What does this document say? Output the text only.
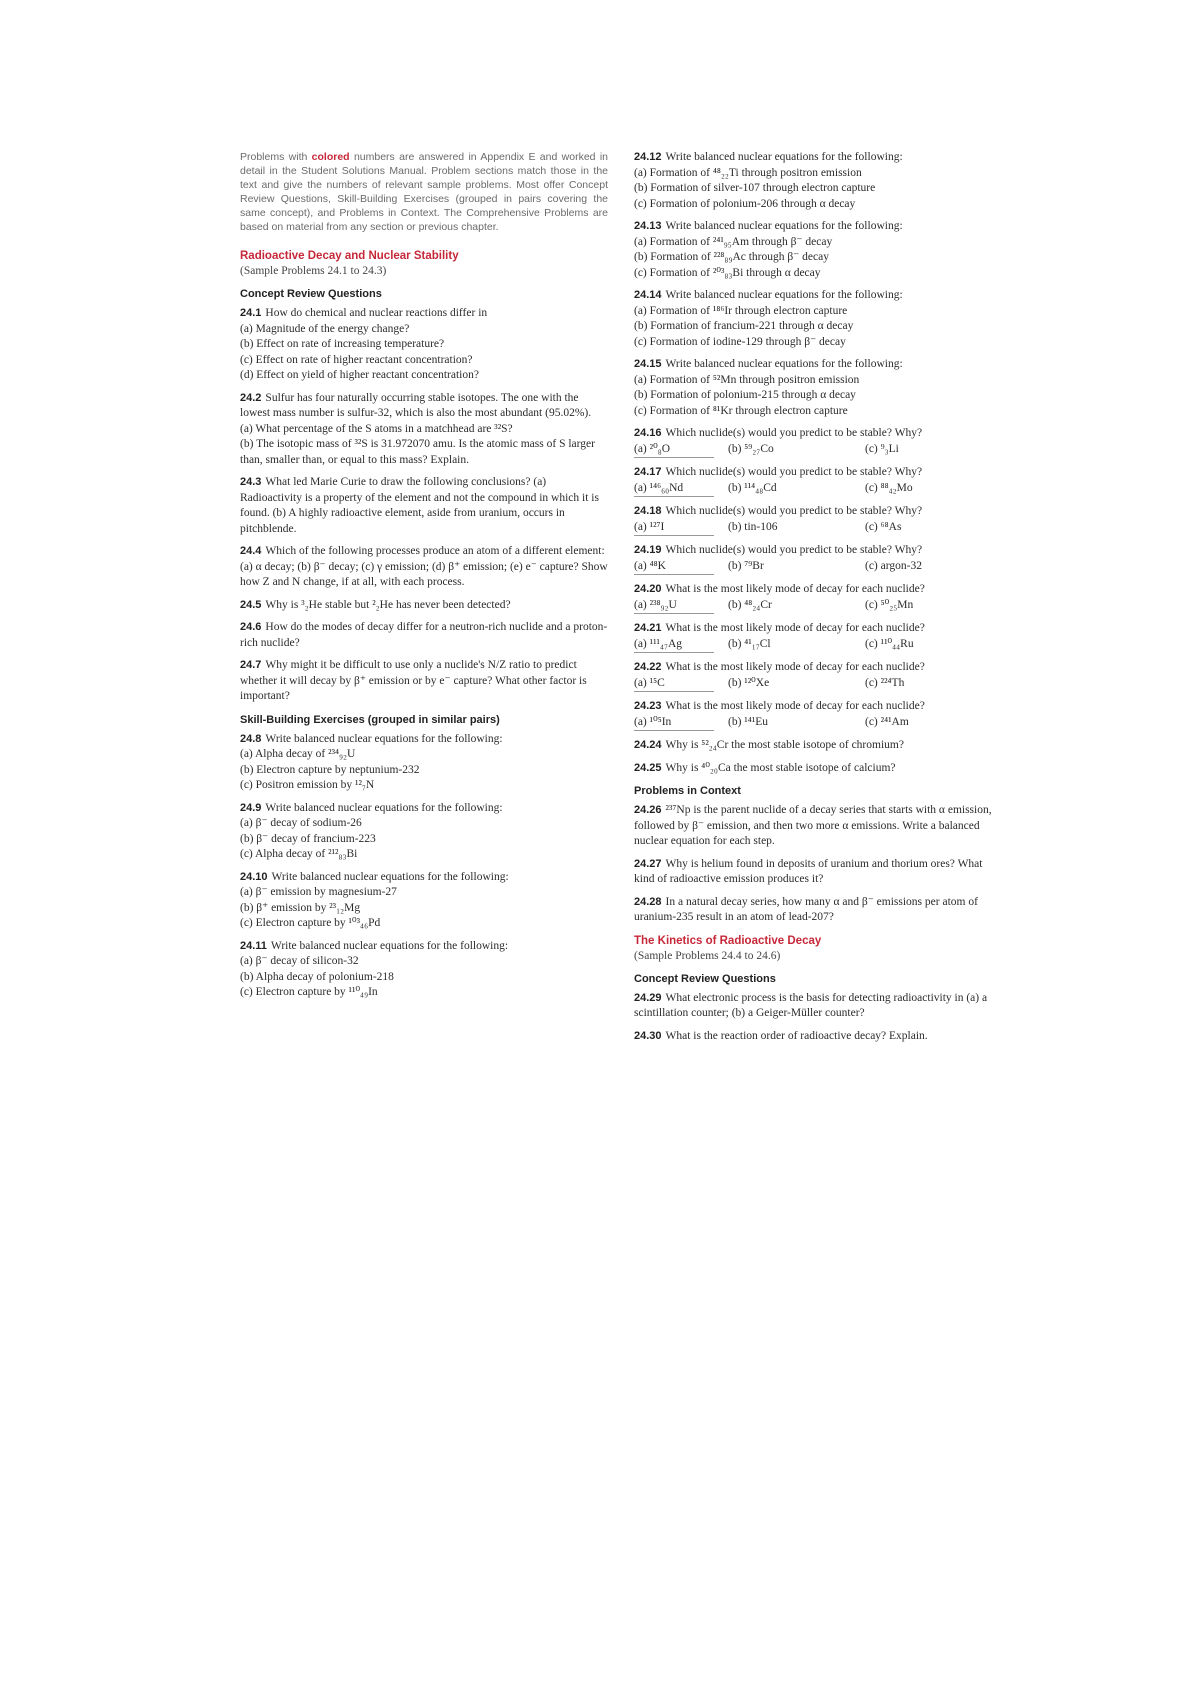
Problems with colored numbers are answered in Appendix E and worked in detail in the Student Solutions Manual. Problem sections match those in the text and give the numbers of relevant sample problems. Most offer Concept Review Questions, Skill-Building Exercises (grouped in pairs covering the same concept), and Problems in Context. The Comprehensive Problems are based on material from any section or previous chapter.

Radioactive Decay and Nuclear Stability

(Sample Problems 24.1 to 24.3)

Concept Review Questions

24.1 How do chemical and nuclear reactions differ in
(a) Magnitude of the energy change?
(b) Effect on rate of increasing temperature?
(c) Effect on rate of higher reactant concentration?
(d) Effect on yield of higher reactant concentration?
24.2 Sulfur has four naturally occurring stable isotopes. The one with the lowest mass number is sulfur-32, which is also the most abundant (95.02%).
(a) What percentage of the S atoms in a matchhead are ³²S?
(b) The isotopic mass of ³²S is 31.972070 amu. Is the atomic mass of S larger than, smaller than, or equal to this mass? Explain.
24.3 What led Marie Curie to draw the following conclusions? (a) Radioactivity is a property of the element and not the compound in which it is found. (b) A highly radioactive element, aside from uranium, occurs in pitchblende.
24.4 Which of the following processes produce an atom of a different element: (a) α decay; (b) β⁻ decay; (c) γ emission; (d) β⁺ emission; (e) e⁻ capture? Show how Z and N change, if at all, with each process.
24.5 Why is ³₂He stable but ²₂He has never been detected?
24.6 How do the modes of decay differ for a neutron-rich nuclide and a proton-rich nuclide?
24.7 Why might it be difficult to use only a nuclide's N/Z ratio to predict whether it will decay by β⁺ emission or by e⁻ capture? What other factor is important?

Skill-Building Exercises (grouped in similar pairs)

24.8 Write balanced nuclear equations for the following:
(a) Alpha decay of ²³⁴₉₂U
(b) Electron capture by neptunium-232
(c) Positron emission by ¹²₇N
24.9 Write balanced nuclear equations for the following:
(a) β⁻ decay of sodium-26
(b) β⁻ decay of francium-223
(c) Alpha decay of ²¹²₈₃Bi
24.10 Write balanced nuclear equations for the following:
(a) β⁻ emission by magnesium-27
(b) β⁺ emission by ²³₁₂Mg
(c) Electron capture by ¹⁰³₄₆Pd
24.11 Write balanced nuclear equations for the following:
(a) β⁻ decay of silicon-32
(b) Alpha decay of polonium-218
(c) Electron capture by ¹¹⁰₄₉In
24.12 Write balanced nuclear equations for the following:
(a) Formation of ⁴⁸₂₂Ti through positron emission
(b) Formation of silver-107 through electron capture
(c) Formation of polonium-206 through α decay
24.13 Write balanced nuclear equations for the following:
(a) Formation of ²⁴¹₉₅Am through β⁻ decay
(b) Formation of ²²⁸₈₉Ac through β⁻ decay
(c) Formation of ²⁰³₈₃Bi through α decay
24.14 Write balanced nuclear equations for the following:
(a) Formation of ¹⁸⁶Ir through electron capture
(b) Formation of francium-221 through α decay
(c) Formation of iodine-129 through β⁻ decay
24.15 Write balanced nuclear equations for the following:
(a) Formation of ⁵²Mn through positron emission
(b) Formation of polonium-215 through α decay
(c) Formation of ⁸¹Kr through electron capture
24.16 Which nuclide(s) would you predict to be stable? Why?
(a) ²⁰₈O	(b) ⁵⁹₂₇Co	(c) ⁹₃Li
24.17 Which nuclide(s) would you predict to be stable? Why?
(a) ¹⁴⁶₆₀Nd	(b) ¹¹⁴₄₈Cd	(c) ⁸⁸₄₂Mo
24.18 Which nuclide(s) would you predict to be stable? Why?
(a) ¹²⁷I	(b) tin-106	(c) ⁶⁸As
24.19 Which nuclide(s) would you predict to be stable? Why?
(a) ⁴⁸K	(b) ⁷⁹Br	(c) argon-32
24.20 What is the most likely mode of decay for each nuclide?
(a) ²³⁸₉₂U	(b) ⁴⁸₂₄Cr	(c) ⁵⁰₂₅Mn
24.21 What is the most likely mode of decay for each nuclide?
(a) ¹¹¹₄₇Ag	(b) ⁴¹₁₇Cl	(c) ¹¹⁰₄₄Ru
24.22 What is the most likely mode of decay for each nuclide?
(a) ¹⁵C	(b) ¹²⁰Xe	(c) ²²⁴Th
24.23 What is the most likely mode of decay for each nuclide?
(a) ¹⁰⁵In	(b) ¹⁴¹Eu	(c) ²⁴¹Am
24.24 Why is ⁵²₂₄Cr the most stable isotope of chromium?
24.25 Why is ⁴⁰₂₀Ca the most stable isotope of calcium?

Problems in Context

24.26 ²³⁷Np is the parent nuclide of a decay series that starts with α emission, followed by β⁻ emission, and then two more α emissions. Write a balanced nuclear equation for each step.
24.27 Why is helium found in deposits of uranium and thorium ores? What kind of radioactive emission produces it?
24.28 In a natural decay series, how many α and β⁻ emissions per atom of uranium-235 result in an atom of lead-207?

The Kinetics of Radioactive Decay

(Sample Problems 24.4 to 24.6)

Concept Review Questions

24.29 What electronic process is the basis for detecting radioactivity in (a) a scintillation counter; (b) a Geiger-Müller counter?
24.30 What is the reaction order of radioactive decay? Explain.
